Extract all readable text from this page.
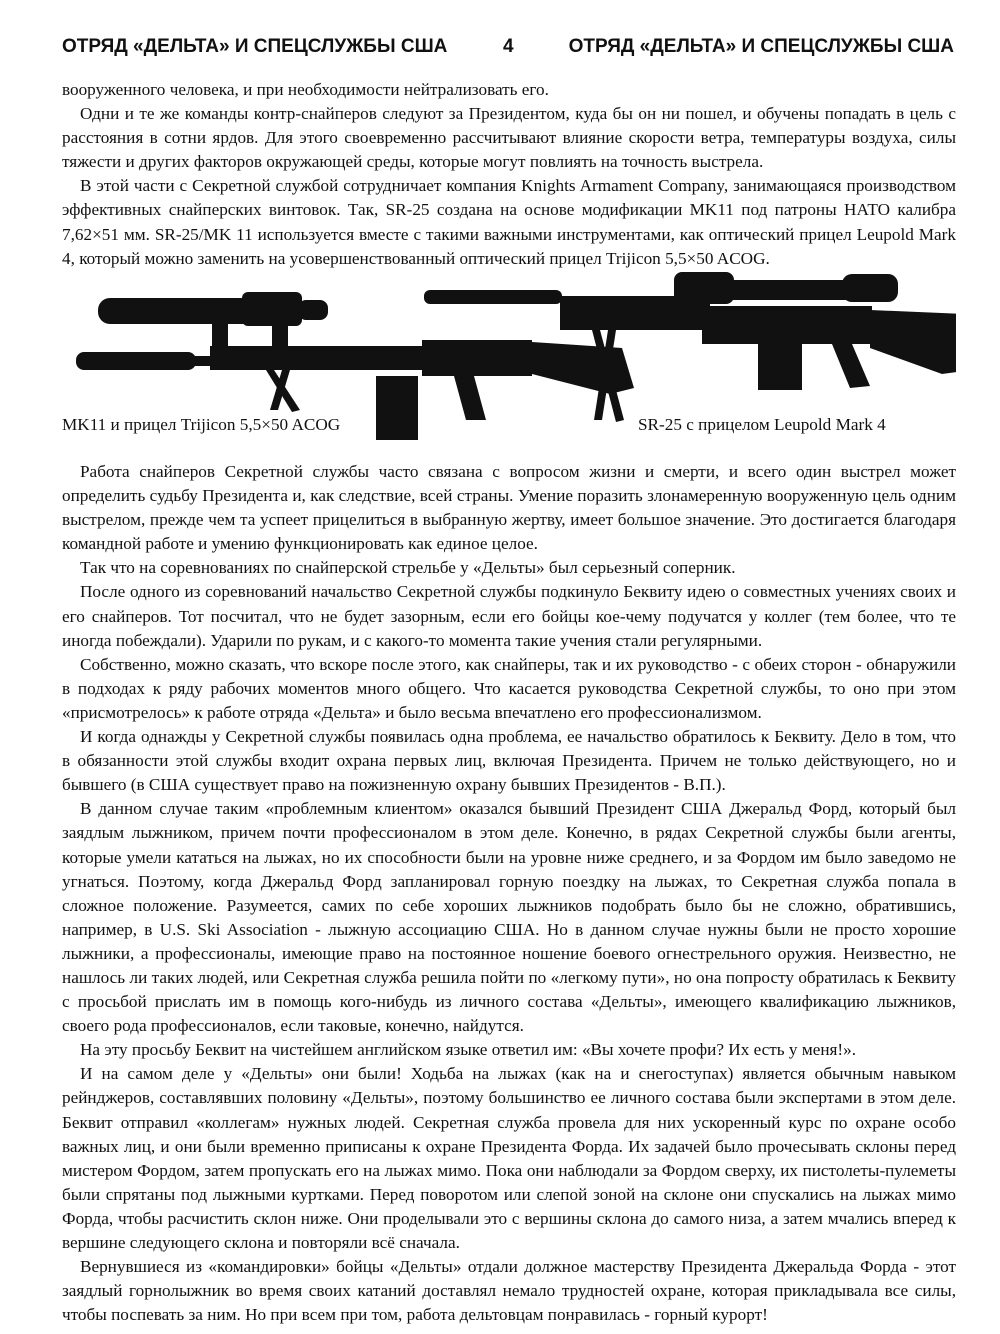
ОТРЯД «ДЕЛЬТА» И СПЕЦСЛУЖБЫ США	4	ОТРЯД «ДЕЛЬТА» И СПЕЦСЛУЖБЫ США

вооруженного человека, и при необходимости нейтрализовать его.

Одни и те же команды контр-снайперов следуют за Президентом, куда бы он ни пошел, и обучены попадать в цель с расстояния в сотни ярдов. Для этого своевременно рассчитывают влияние скорости ветра, температуры воздуха, силы тяжести и других факторов окружающей среды, которые могут повлиять на точность выстрела.

В этой части с Секретной службой сотрудничает компания Knights Armament Company, занимающаяся производством эффективных снайперских винтовок. Так, SR-25 создана на основе модификации MK11 под патроны НАТО калибра 7,62×51 мм. SR-25/MK 11 используется вместе с такими важными инструментами, как оптический прицел Leupold Mark 4, который можно заменить на усовершенствованный оптический прицел Trijicon 5,5×50 ACOG.

MK11 и прицел Trijicon 5,5×50 ACOG	SR-25 с прицелом Leupold Mark 4

Работа снайперов Секретной службы часто связана с вопросом жизни и смерти, и всего один выстрел может определить судьбу Президента и, как следствие, всей страны. Умение поразить злонамеренную вооруженную цель одним выстрелом, прежде чем та успеет прицелиться в выбранную жертву, имеет большое значение. Это достигается благодаря командной работе и умению функционировать как единое целое.

Так что на соревнованиях по снайперской стрельбе у «Дельты» был серьезный соперник.

После одного из соревнований начальство Секретной службы подкинуло Беквиту идею о совместных учениях своих и его снайперов. Тот посчитал, что не будет зазорным, если его бойцы кое-чему подучатся у коллег (тем более, что те иногда побеждали). Ударили по рукам, и с какого-то момента такие учения стали регулярными.

Собственно, можно сказать, что вскоре после этого, как снайперы, так и их руководство - с обеих сторон - обнаружили в подходах к ряду рабочих моментов много общего. Что касается руководства Секретной службы, то оно при этом «присмотрелось» к работе отряда «Дельта» и было весьма впечатлено его профессионализмом.

И когда однажды у Секретной службы появилась одна проблема, ее начальство обратилось к Беквиту. Дело в том, что в обязанности этой службы входит охрана первых лиц, включая Президента. Причем не только действующего, но и бывшего (в США существует право на пожизненную охрану бывших Президентов - В.П.).

В данном случае таким «проблемным клиентом» оказался бывший Президент США Джеральд Форд, который был заядлым лыжником, причем почти профессионалом в этом деле. Конечно, в рядах Секретной службы были агенты, которые умели кататься на лыжах, но их способности были на уровне ниже среднего, и за Фордом им было заведомо не угнаться. Поэтому, когда Джеральд Форд запланировал горную поездку на лыжах, то Секретная служба попала в сложное положение. Разумеется, самих по себе хороших лыжников подобрать было бы не сложно, обратившись, например, в U.S. Ski Association - лыжную ассоциацию США. Но в данном случае нужны были не просто хорошие лыжники, а профессионалы, имеющие право на постоянное ношение боевого огнестрельного оружия. Неизвестно, не нашлось ли таких людей, или Секретная служба решила пойти по «легкому пути», но она попросту обратилась к Беквиту с просьбой прислать им в помощь кого-нибудь из личного состава «Дельты», имеющего квалификацию лыжников, своего рода профессионалов, если таковые, конечно, найдутся.

На эту просьбу Беквит на чистейшем английском языке ответил им: «Вы хочете профи? Их есть у меня!».

И на самом деле у «Дельты» они были! Ходьба на лыжах (как на и снегоступах) является обычным навыком рейнджеров, составлявших половину «Дельты», поэтому большинство ее личного состава были экспертами в этом деле. Беквит отправил «коллегам» нужных людей. Секретная служба провела для них ускоренный курс по охране особо важных лиц, и они были временно приписаны к охране Президента Форда. Их задачей было прочесывать склоны перед мистером Фордом, затем пропускать его на лыжах мимо. Пока они наблюдали за Фордом сверху, их пистолеты-пулеметы были спрятаны под лыжными куртками. Перед поворотом или слепой зоной на склоне они спускались на лыжах мимо Форда, чтобы расчистить склон ниже. Они проделывали это с вершины склона до самого низа, а затем мчались вперед к вершине следующего склона и повторяли всё сначала.

Вернувшиеся из «командировки» бойцы «Дельты» отдали должное мастерству Президента Джеральда Форда - этот заядлый горнолыжник во время своих катаний доставлял немало трудностей охране, которая прикладывала все силы, чтобы поспевать за ним. Но при всем при том, работа дельтовцам понравилась - горный курорт!
